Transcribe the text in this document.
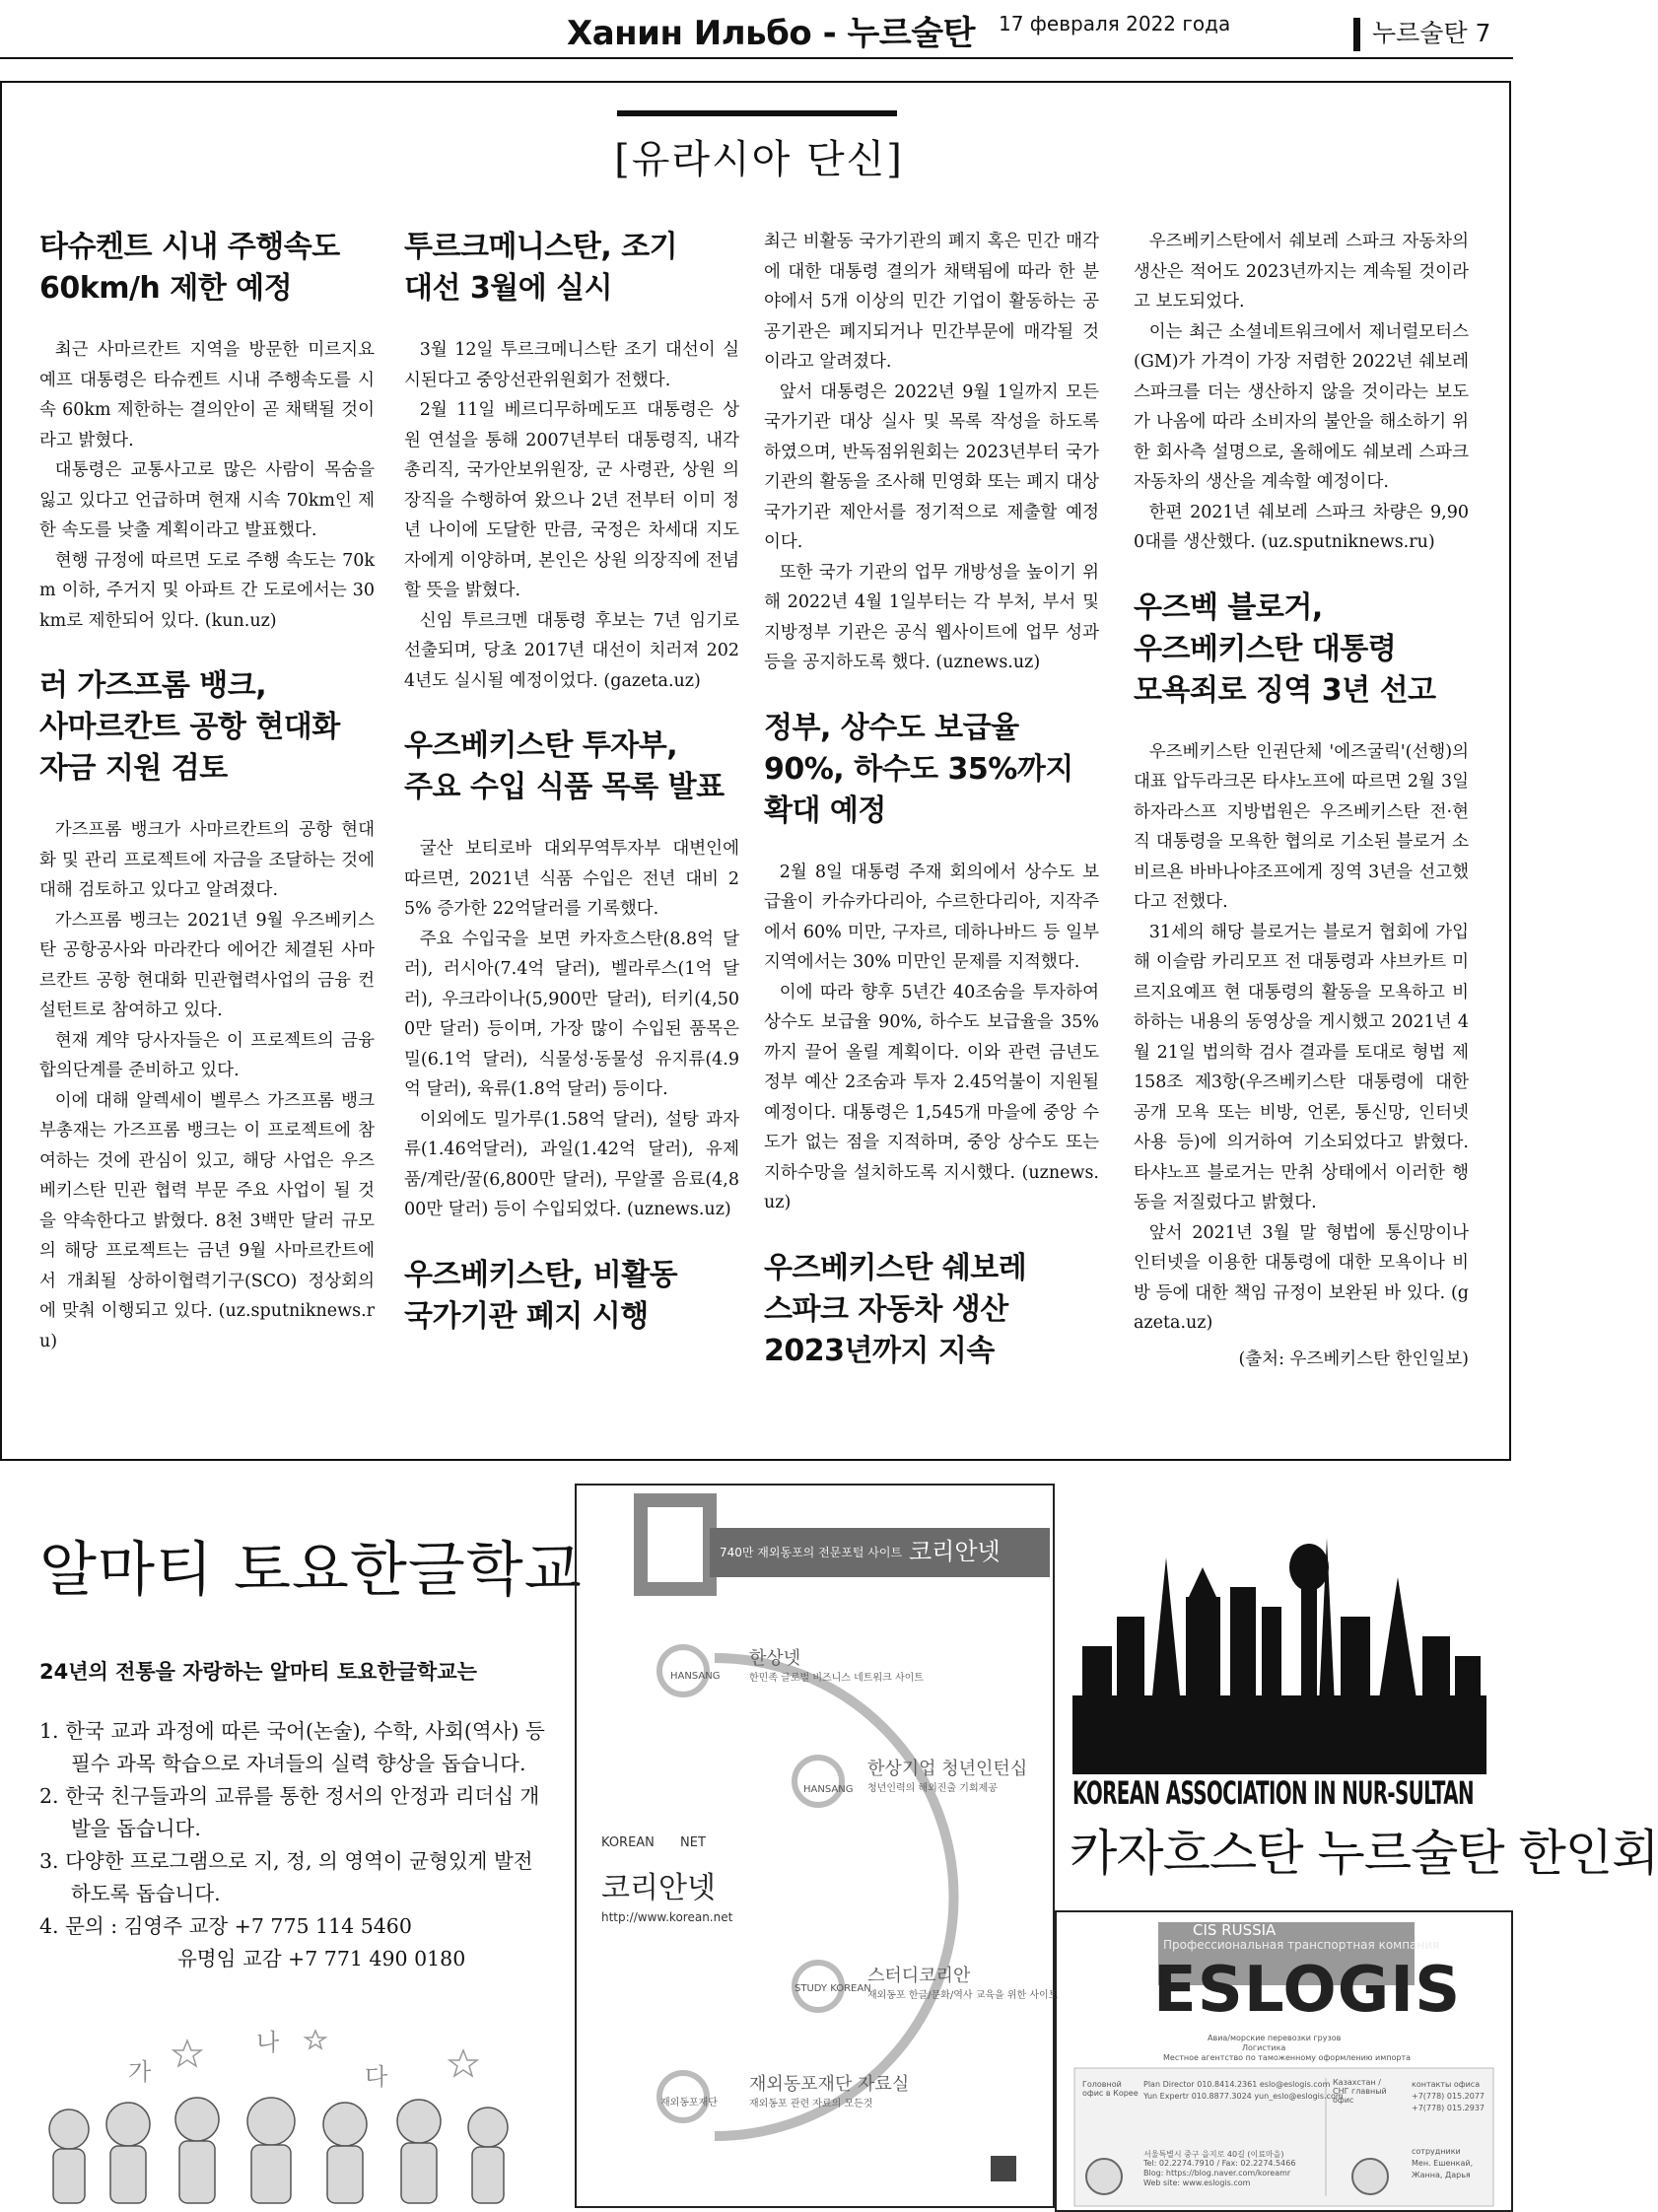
Ханин Ильбо - 누르술탄 17 февраля 2022 года	누르술탄 7
[유라시아 단신]
타슈켄트 시내 주행속도 60km/h 제한 예정

최근 사마르칸트 지역을 방문한 미르지요예프 대통령은 타슈켄트 시내 주행속도를 시속 60km 제한하는 결의안이 곧 채택될 것이라고 밝혔다.

대통령은 교통사고로 많은 사람이 목숨을 잃고 있다고 언급하며 현재 시속 70km인 제한 속도를 낮출 계획이라고 발표했다.

현행 규정에 따르면 도로 주행 속도는 70km 이하, 주거지 및 아파트 간 도로에서는 30km로 제한되어 있다. (kun.uz)

러 가즈프롬 뱅크, 사마르칸트 공항 현대화 자금 지원 검토

가즈프롬 뱅크가 사마르칸트의 공항 현대화 및 관리 프로젝트에 자금을 조달하는 것에 대해 검토하고 있다고 알려졌다.

가스프롬 벵크는 2021년 9월 우즈베키스탄 공항공사와 마라칸다 에어간 체결된 사마르칸트 공항 현대화 민관협력사업의 금융 컨설턴트로 참여하고 있다.

현재 계약 당사자들은 이 프로젝트의 금융 합의단계를 준비하고 있다.

이에 대해 알렉세이 벨루스 가즈프롬 뱅크 부총재는 가즈프롬 뱅크는 이 프로젝트에 참여하는 것에 관심이 있고, 해당 사업은 우즈베키스탄 민관 협력 부문 주요 사업이 될 것을 약속한다고 밝혔다. 8천 3백만 달러 규모의 해당 프로젝트는 금년 9월 사마르칸트에서 개최될 상하이협력기구(SCO) 정상회의에 맞춰 이행되고 있다. (uz.sputniknews.ru)

투르크메니스탄, 조기 대선 3월에 실시

3월 12일 투르크메니스탄 조기 대선이 실시된다고 중앙선관위원회가 전했다.

2월 11일 베르디무하메도프 대통령은 상원 연설을 통해 2007년부터 대통령직, 내각 총리직, 국가안보위원장, 군 사령관, 상원 의장직을 수행하여 왔으나 2년 전부터 이미 정년 나이에 도달한 만큼, 국정은 차세대 지도자에게 이양하며, 본인은 상원 의장직에 전념할 뜻을 밝혔다.

신임 투르크멘 대통령 후보는 7년 임기로 선출되며, 당초 2017년 대선이 치러져 2024년도 실시될 예정이었다. (gazeta.uz)

우즈베키스탄 투자부, 주요 수입 식품 목록 발표

굴산 보티로바 대외무역투자부 대변인에 따르면, 2021년 식품 수입은 전년 대비 25% 증가한 22억달러를 기록했다.

주요 수입국을 보면 카자흐스탄(8.8억 달러), 러시아(7.4억 달러), 벨라루스(1억 달러), 우크라이나(5,900만 달러), 터키(4,500만 달러) 등이며, 가장 많이 수입된 품목은 밀(6.1억 달러), 식물성·동물성 유지류(4.9억 달러), 육류(1.8억 달러) 등이다.

이외에도 밀가루(1.58억 달러), 설탕 과자류(1.46억달러), 과일(1.42억 달러), 유제품/계란/꿀(6,800만 달러), 무알콜 음료(4,800만 달러) 등이 수입되었다. (uznews.uz)

우즈베키스탄, 비활동 국가기관 폐지 시행

최근 비활동 국가기관의 폐지 혹은 민간 매각에 대한 대통령 결의가 채택됨에 따라 한 분야에서 5개 이상의 민간 기업이 활동하는 공공기관은 폐지되거나 민간부문에 매각될 것이라고 알려졌다.

앞서 대통령은 2022년 9월 1일까지 모든 국가기관 대상 실사 및 목록 작성을 하도록 하였으며, 반독점위원회는 2023년부터 국가기관의 활동을 조사해 민영화 또는 폐지 대상 국가기관 제안서를 정기적으로 제출할 예정이다.

또한 국가 기관의 업무 개방성을 높이기 위해 2022년 4월 1일부터는 각 부처, 부서 및 지방정부 기관은 공식 웹사이트에 업무 성과 등을 공지하도록 했다. (uznews.uz)

정부, 상수도 보급율 90%, 하수도 35%까지 확대 예정

2월 8일 대통령 주재 회의에서 상수도 보급율이 카슈카다리아, 수르한다리아, 지작주에서 60% 미만, 구자르, 데하나바드 등 일부 지역에서는 30% 미만인 문제를 지적했다.

이에 따라 향후 5년간 40조숨을 투자하여 상수도 보급율 90%, 하수도 보급율을 35%까지 끌어 올릴 계획이다. 이와 관련 금년도 정부 예산 2조숨과 투자 2.45억불이 지원될 예정이다. 대통령은 1,545개 마을에 중앙 수도가 없는 점을 지적하며, 중앙 상수도 또는 지하수망을 설치하도록 지시했다. (uznews.uz)

우즈베키스탄 쉐보레 스파크 자동차 생산 2023년까지 지속

우즈베키스탄에서 쉐보레 스파크 자동차의 생산은 적어도 2023년까지는 계속될 것이라고 보도되었다.

이는 최근 소셜네트워크에서 제너럴모터스(GM)가 가격이 가장 저렴한 2022년 쉐보레 스파크를 더는 생산하지 않을 것이라는 보도가 나옴에 따라 소비자의 불안을 해소하기 위한 회사측 설명으로, 올해에도 쉐보레 스파크 자동차의 생산을 계속할 예정이다.

한편 2021년 쉐보레 스파크 차량은 9,900대를 생산했다. (uz.sputniknews.ru)

우즈벡 블로거, 우즈베키스탄 대통령 모욕죄로 징역 3년 선고

우즈베키스탄 인권단체 '에즈굴릭'(선행)의 대표 압두라크몬 타샤노프에 따르면 2월 3일 하자라스프 지방법원은 우즈베키스탄 전·현직 대통령을 모욕한 협의로 기소된 블로거 소비르욘 바바나야조프에게 징역 3년을 선고했다고 전했다.

31세의 해당 블로거는 블로거 협회에 가입해 이슬람 카리모프 전 대통령과 샤브카트 미르지요예프 현 대통령의 활동을 모욕하고 비하하는 내용의 동영상을 게시했고 2021년 4월 21일 법의학 검사 결과를 토대로 형법 제158조 제3항(우즈베키스탄 대통령에 대한 공개 모욕 또는 비방, 언론, 통신망, 인터넷 사용 등)에 의거하여 기소되었다고 밝혔다. 타샤노프 블로거는 만취 상태에서 이러한 행동을 저질렀다고 밝혔다.

앞서 2021년 3월 말 형법에 통신망이나 인터넷을 이용한 대통령에 대한 모욕이나 비방 등에 대한 책임 규정이 보완된 바 있다. (gazeta.uz)

(출처: 우즈베키스탄 한인일보)
알마티 토요한글학교
24년의 전통을 자랑하는 알마티 토요한글학교는
1. 한국 교과 과정에 따른 국어(논술), 수학, 사회(역사) 등 필수 과목 학습으로 자녀들의 실력 향상을 돕습니다.
2. 한국 친구들과의 교류를 통한 정서의 안정과 리더십 개발을 돕습니다.
3. 다양한 프로그램으로 지, 정, 의 영역이 균형있게 발전하도록 돕습니다.
4. 문의 : 김영주 교장 +7 775 114 5460
유명임 교감 +7 771 490 0180
가
나
다
740만 재외동포의 전문포털 사이트 코리안넷
HANSANG
한상넷
한민족 글로벌 비즈니스 네트워크 사이트
HANSANG
한상기업 청년인턴십
청년인력의 해외진출 기회제공
KOREAN NET
코리안넷
http://www.korean.net
STUDY KOREAN
스터디코리안
재외동포 한글/문화/역사 교육을 위한 사이트
재외동포재단
재외동포재단 자료실
재외동포 관련 자료의 모든것
KOREAN ASSOCIATION IN NUR-SULTAN
카자흐스탄 누르술탄 한인회
CIS RUSSIA
Профессиональная транспортная компания
ESLOGIS
Авиа/морские перевозки грузов
Логистика
Местное агентство по таможенному оформлению импорта
Головной офис в Корее
Plan Director 010.8414.2361 eslo@eslogis.com
Yun Expertr 010.8877.3024 yun_eslo@eslogis.com
서울특별시 중구 을지로 40길 (이료마을)
Tel: 02.2274.7910 / Fax: 02.2274.5466
Blog: https://blog.naver.com/koreamr
Web site: www.eslogis.com
Казахстан / СНГ главный офис
контакты офиса
+7(778) 015.2077
+7(778) 015.2937
сотрудники
Мен. Ешенкай,
Жанна, Дарья
